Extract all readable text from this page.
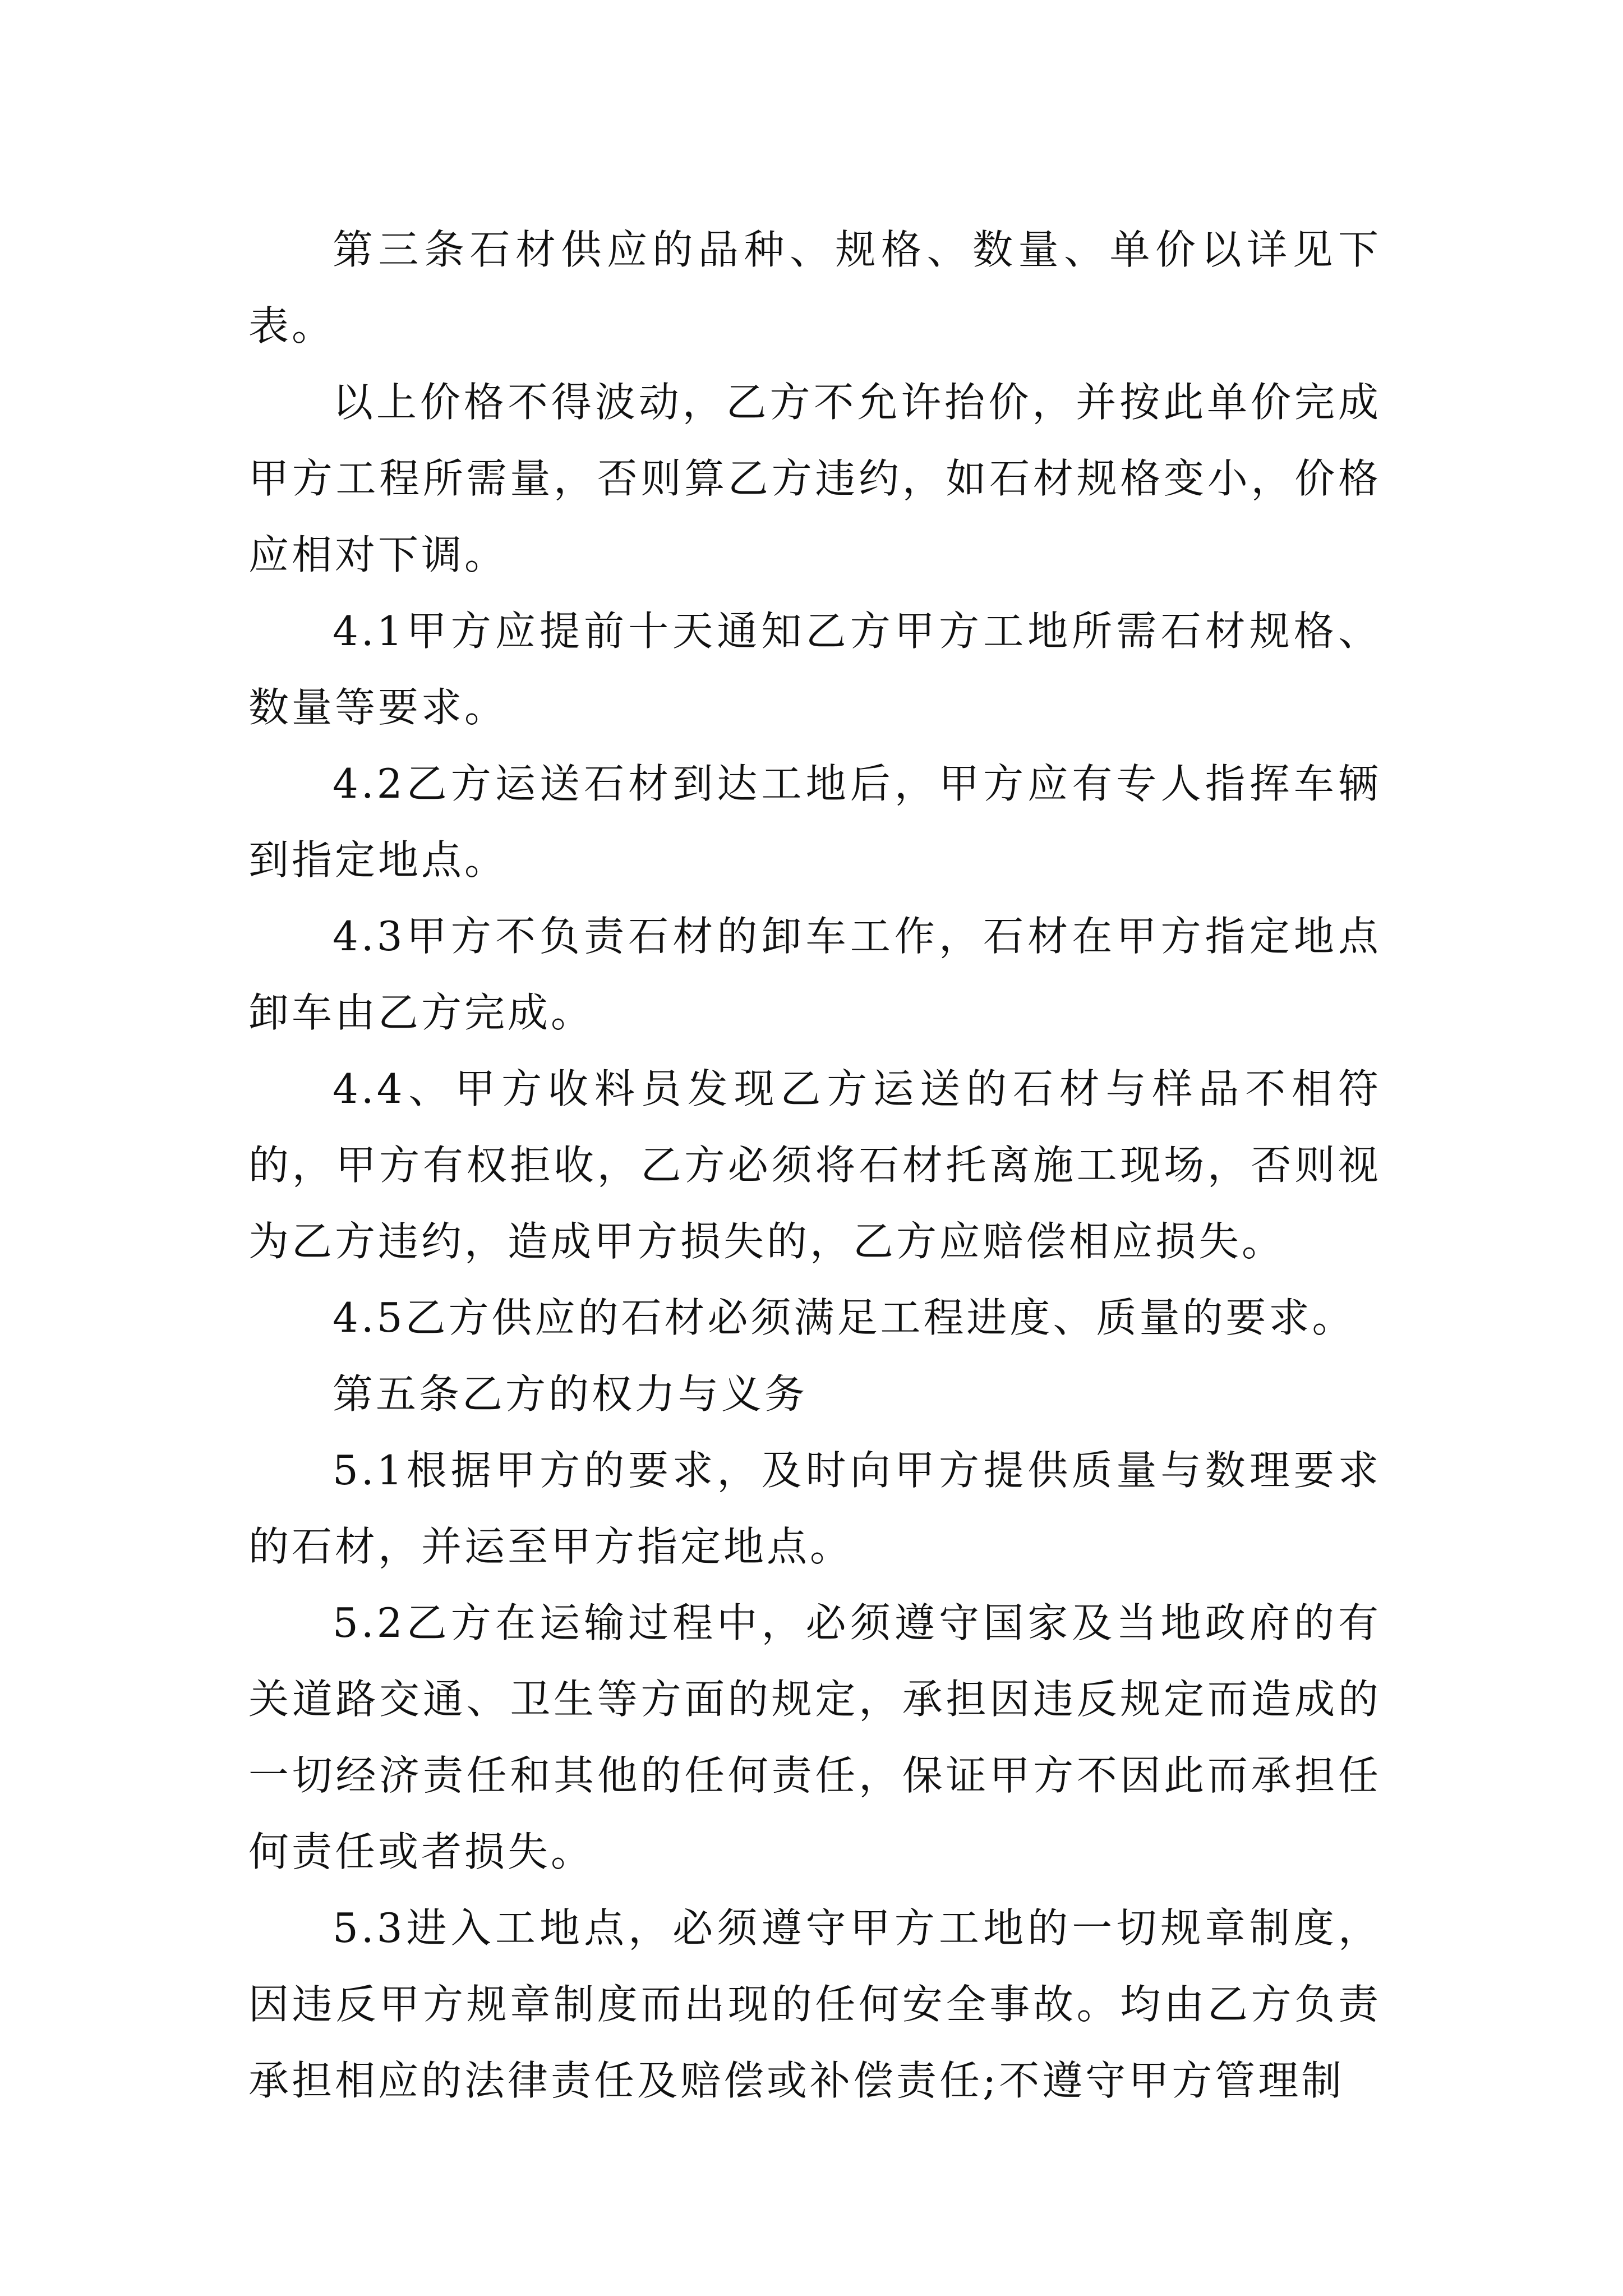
第三条石材供应的品种、规格、数量、单价以详见下表。

以上价格不得波动，乙方不允许抬价，并按此单价完成甲方工程所需量，否则算乙方违约，如石材规格变小，价格应相对下调。

4.1甲方应提前十天通知乙方甲方工地所需石材规格、数量等要求。

4.2乙方运送石材到达工地后，甲方应有专人指挥车辆到指定地点。

4.3甲方不负责石材的卸车工作，石材在甲方指定地点卸车由乙方完成。

4.4、甲方收料员发现乙方运送的石材与样品不相符的，甲方有权拒收，乙方必须将石材托离施工现场，否则视为乙方违约，造成甲方损失的，乙方应赔偿相应损失。

4.5乙方供应的石材必须满足工程进度、质量的要求。

第五条乙方的权力与义务

5.1根据甲方的要求，及时向甲方提供质量与数理要求的石材，并运至甲方指定地点。

5.2乙方在运输过程中，必须遵守国家及当地政府的有关道路交通、卫生等方面的规定，承担因违反规定而造成的一切经济责任和其他的任何责任，保证甲方不因此而承担任何责任或者损失。

5.3进入工地点，必须遵守甲方工地的一切规章制度，因违反甲方规章制度而出现的任何安全事故。均由乙方负责承担相应的法律责任及赔偿或补偿责任;不遵守甲方管理制
